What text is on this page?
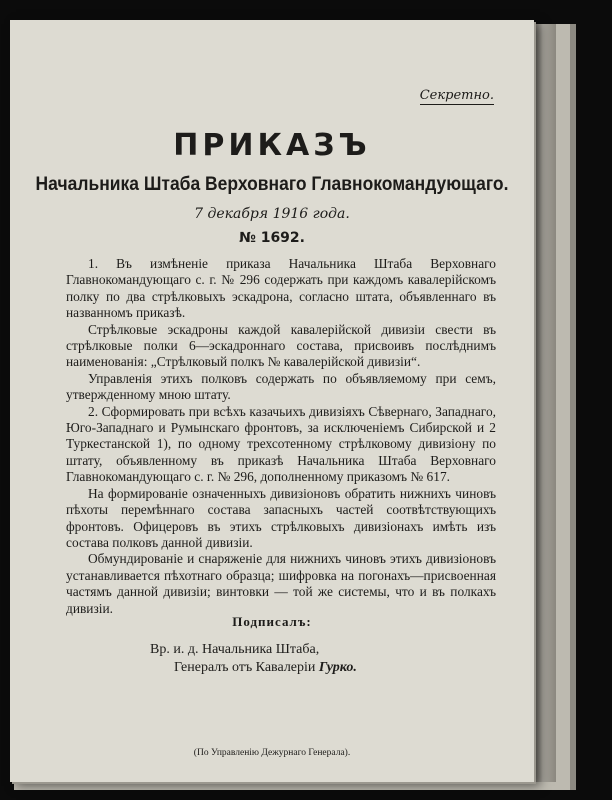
Секретно.
ПРИКАЗЪ
Начальника Штаба Верховнаго Главнокомандующаго.
7 декабря 1916 года.
№ 1692.

1. Въ измѣненіе приказа Начальника Штаба Верховнаго Главнокомандующаго с. г. № 296 содержать при каждомъ кавалерійскомъ полку по два стрѣлковыхъ эскадрона, согласно штата, объявленнаго въ названномъ приказѣ.

Стрѣлковые эскадроны каждой кавалерійской дивизіи свести въ стрѣлковые полки 6—эскадроннаго состава, присвоивъ послѣднимъ наименованія: „Стрѣлковый полкъ № кавалерійской дивизіи“.

Управленія этихъ полковъ содержать по объявляемому при семъ, утвержденному мною штату.

2. Сформировать при всѣхъ казачьихъ дивизіяхъ Сѣвернаго, Западнаго, Юго-Западнаго и Румынскаго фронтовъ, за исключеніемъ Сибирской и 2 Туркестанской 1), по одному трехсотенному стрѣлковому дивизіону по штату, объявленному въ приказѣ Начальника Штаба Верховнаго Главнокомандующаго с. г. № 296, дополненному приказомъ № 617.

На формированіе означенныхъ дивизіоновъ обратить нижнихъ чиновъ пѣхоты перемѣннаго состава запасныхъ частей соотвѣтствующихъ фронтовъ. Офицеровъ въ этихъ стрѣлковыхъ дивизіонахъ имѣть изъ состава полковъ данной дивизіи.

Обмундированіе и снаряженіе для нижнихъ чиновъ этихъ дивизіоновъ устанавливается пѣхотнаго образца; шифровка на погонахъ—присвоенная частямъ данной дивизіи; винтовки — той же системы, что и въ полкахъ дивизіи.

Подписалъ:
Вр. и. д. Начальника Штаба,
Генералъ отъ Кавалеріи Гурко.
(По Управленію Дежурнаго Генерала).
